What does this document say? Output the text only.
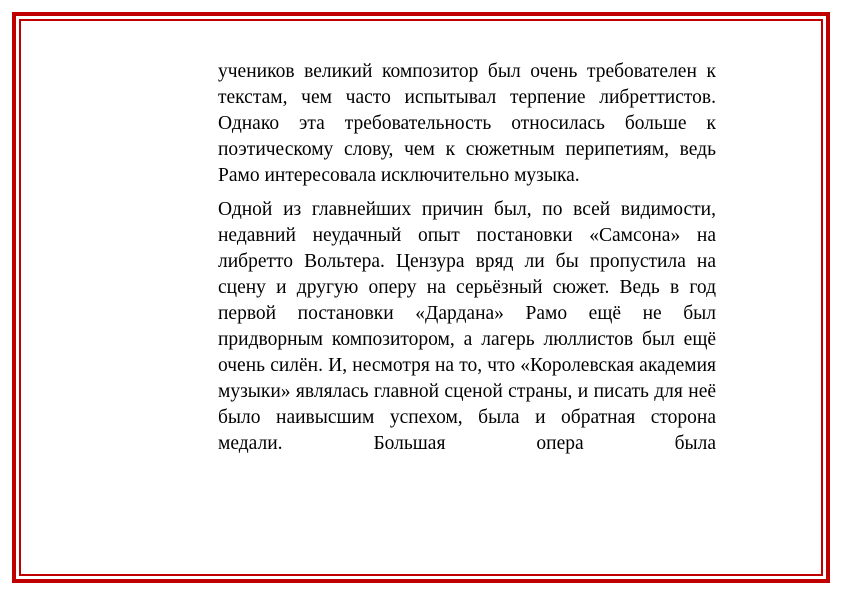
учеников великий композитор был очень требователен к текстам, чем часто испытывал терпение либреттистов. Однако эта требовательность относилась больше к поэтическому слову, чем к сюжетным перипетиям, ведь Рамо интересовала исключительно музыка.

Одной из главнейших причин был, по всей видимости, недавний неудачный опыт постановки «Самсона» на либретто Вольтера. Цензура вряд ли бы пропустила на сцену и другую оперу на серьёзный сюжет. Ведь в год первой постановки «Дардана» Рамо ещё не был придворным композитором, а лагерь люллистов был ещё очень силён. И, несмотря на то, что «Королевская академия музыки» являлась главной сценой страны, и писать для неё было наивысшим успехом, была и обратная сторона медали. Большая опера была
